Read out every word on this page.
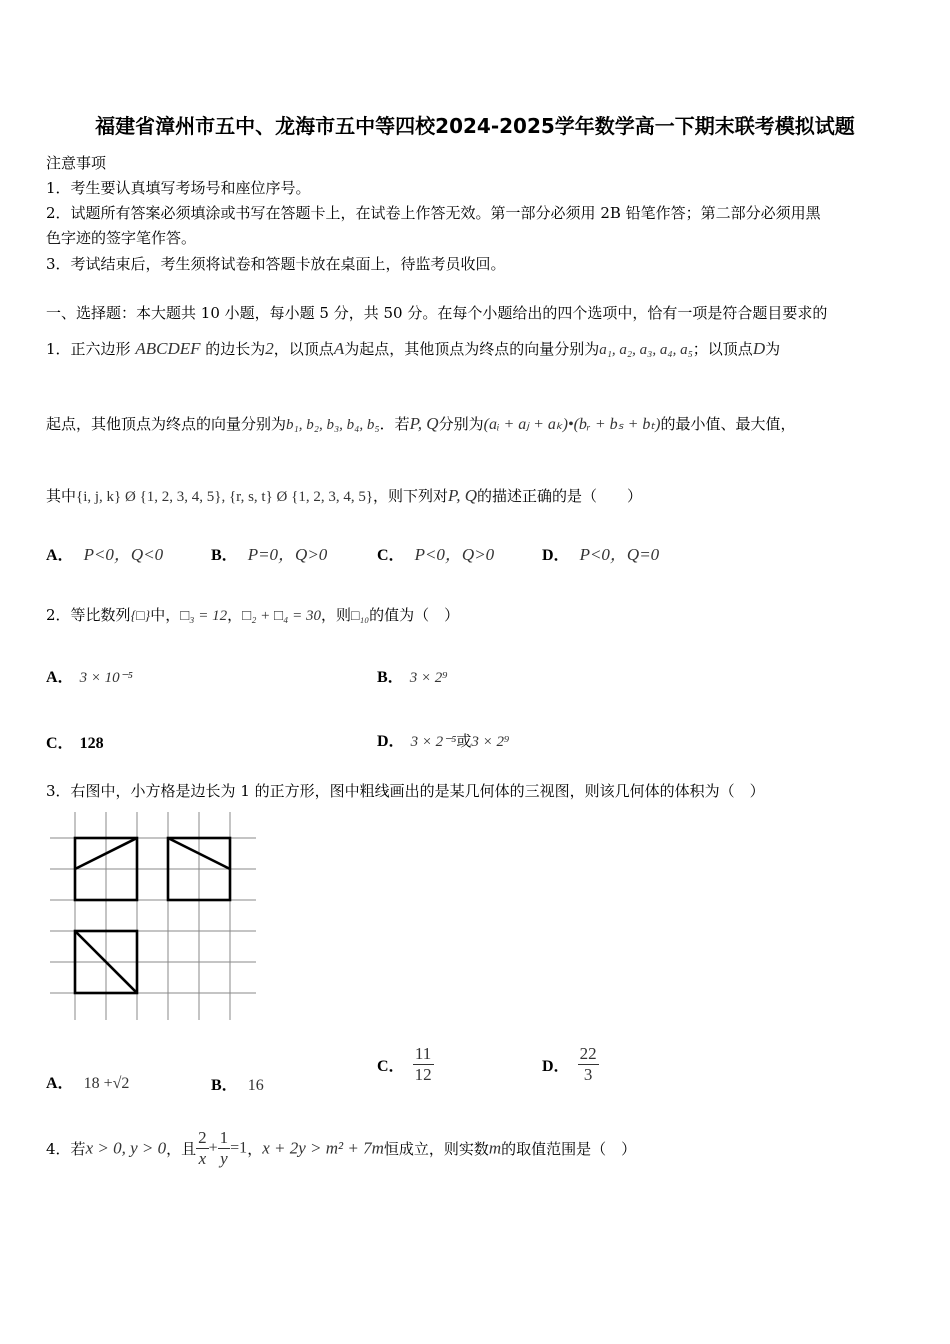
福建省漳州市五中、龙海市五中等四校2024-2025学年数学高一下期末联考模拟试题
注意事项
1．考生要认真填写考场号和座位序号。
2．试题所有答案必须填涂或书写在答题卡上，在试卷上作答无效。第一部分必须用 2B 铅笔作答；第二部分必须用黑
色字迹的签字笔作答。
3．考试结束后，考生须将试卷和答题卡放在桌面上，待监考员收回。
一、选择题：本大题共 10 小题，每小题 5 分，共 50 分。在每个小题给出的四个选项中，恰有一项是符合题目要求的
1．正六边形 ABCDEF 的边长为2，以顶点A为起点，其他顶点为终点的向量分别为a₁, a₂, a₃, a₄, a₅；以顶点D为
起点，其他顶点为终点的向量分别为b₁, b₂, b₃, b₄, b₅．若P, Q分别为(aᵢ + aⱼ + aₖ)•(bᵣ + bₛ + bₜ)的最小值、最大值，
其中{i, j, k} Ø {1, 2, 3, 4, 5}, {r, s, t} Ø {1, 2, 3, 4, 5}，则下列对P, Q的描述正确的是（　　）
A． P<0，Q<0	B． P=0，Q>0	C． P<0，Q>0	D． P<0，Q=0
2．等比数列{□}中，□₃ = 12，□₂ + □₄ = 30，则□₁₀的值为（　）
A． 3 × 10⁻⁵	B． 3 × 2⁹
C． 128	D． 3 × 2⁻⁵或3 × 2⁹
3．右图中，小方格是边长为 1 的正方形，图中粗线画出的是某几何体的三视图，则该几何体的体积为（　）
A． 18 +√2	B． 16
C． $\frac{11}{12}$	D． $\frac{22}{3}$
4．若x > 0, y > 0，且 $\frac{2}{x} + \frac{1}{y} =1$，x + 2y > m² + 7m恒成立，则实数m的取值范围是（　）
